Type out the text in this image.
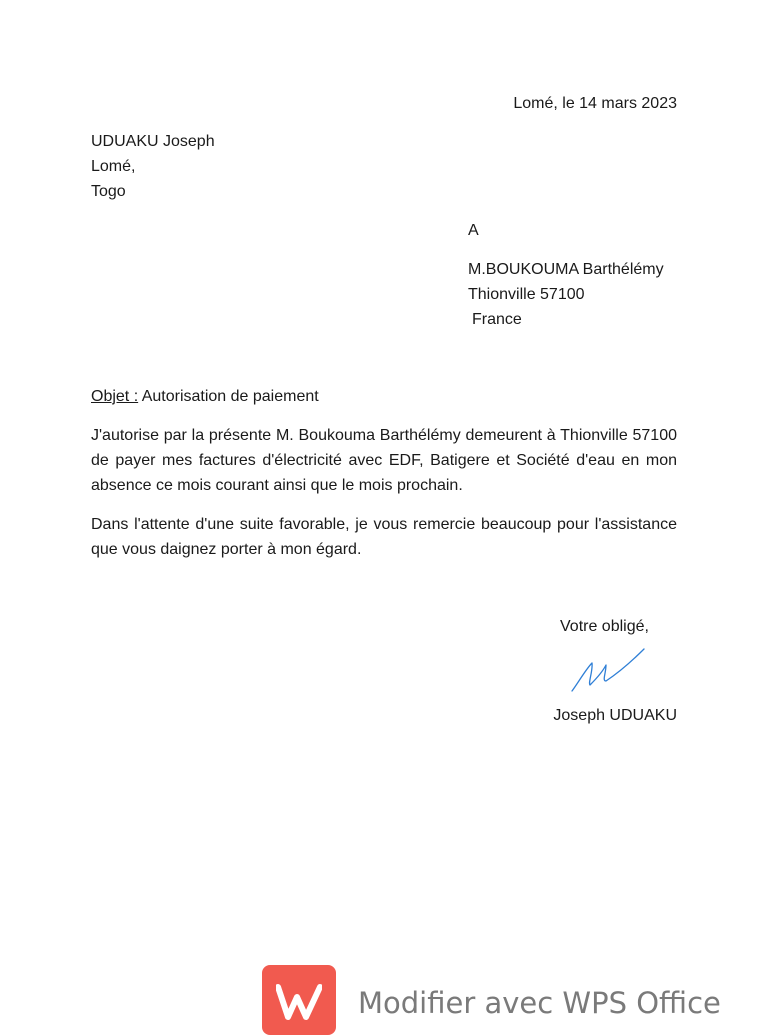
Lomé, le 14 mars 2023
UDUAKU Joseph
Lomé,
Togo
A
M.BOUKOUMA Barthélémy
Thionville 57100
France
Objet : Autorisation de paiement

J'autorise par la présente M. Boukouma Barthélémy demeurent à Thionville 57100 de payer mes factures d'électricité avec EDF, Batigere et Société d'eau en mon absence ce mois courant ainsi que le mois prochain.

Dans l'attente d'une suite favorable, je vous remercie beaucoup pour l'assistance que vous daignez porter à mon égard.

Votre obligé,
Joseph UDUAKU
Modifier avec WPS Office
